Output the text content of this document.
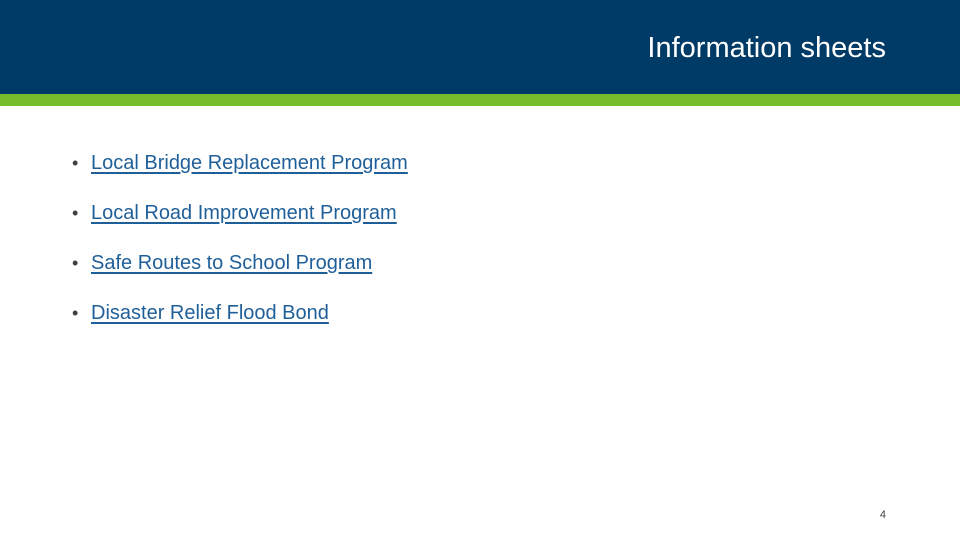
Information sheets
• Local Bridge Replacement Program
• Local Road Improvement Program
• Safe Routes to School Program
• Disaster Relief Flood Bond
4
